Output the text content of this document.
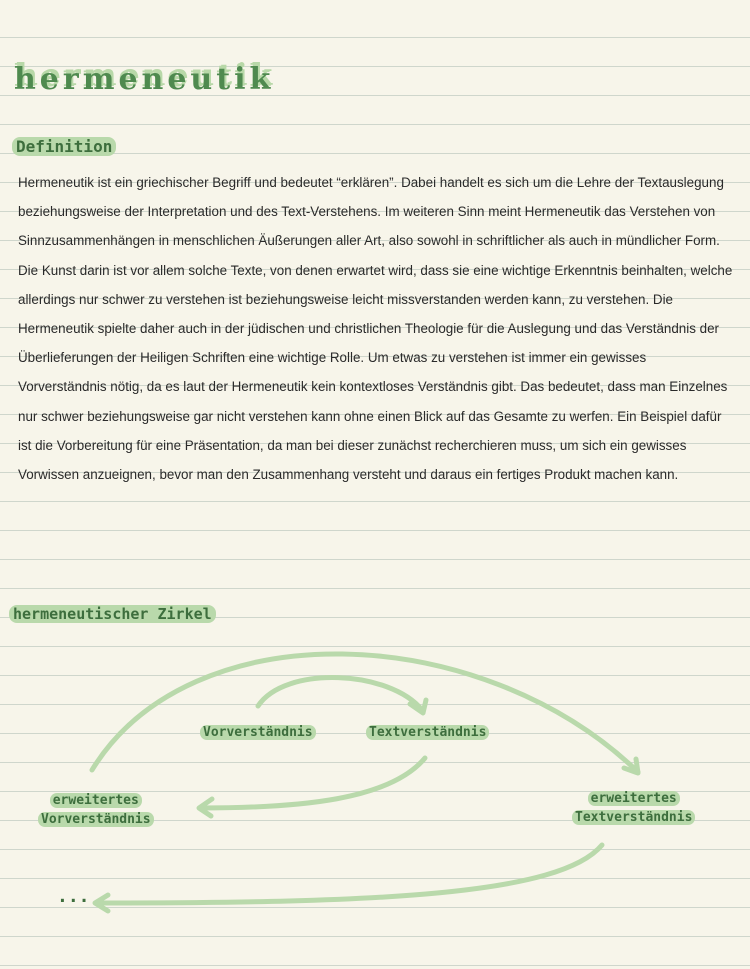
hermeneutik
Definition

Hermeneutik ist ein griechischer Begriff und bedeutet “erklären”. Dabei handelt es sich um die Lehre der Textauslegung beziehungsweise der Interpretation und des Text-Verstehens. Im weiteren Sinn meint Hermeneutik das Verstehen von Sinnzusammenhängen in menschlichen Äußerungen aller Art, also sowohl in schriftlicher als auch in mündlicher Form. Die Kunst darin ist vor allem solche Texte, von denen erwartet wird, dass sie eine wichtige Erkenntnis beinhalten, welche allerdings nur schwer zu verstehen ist beziehungsweise leicht missverstanden werden kann, zu verstehen. Die Hermeneutik spielte daher auch in der jüdischen und christlichen Theologie für die Auslegung und das Verständnis der Überlieferungen der Heiligen Schriften eine wichtige Rolle. Um etwas zu verstehen ist immer ein gewisses Vorverständnis nötig, da es laut der Hermeneutik kein kontextloses Verständnis gibt. Das bedeutet, dass man Einzelnes nur schwer beziehungsweise gar nicht verstehen kann ohne einen Blick auf das Gesamte zu werfen. Ein Beispiel dafür ist die Vorbereitung für eine Präsentation, da man bei dieser zunächst recherchieren muss, um sich ein gewisses Vorwissen anzueignen, bevor man den Zusammenhang versteht und daraus ein fertiges Produkt machen kann.

hermeneutischer Zirkel
Vorverständnis	Textverständnis
erweitertes
Vorverständnis
erweitertes
Textverständnis

...
